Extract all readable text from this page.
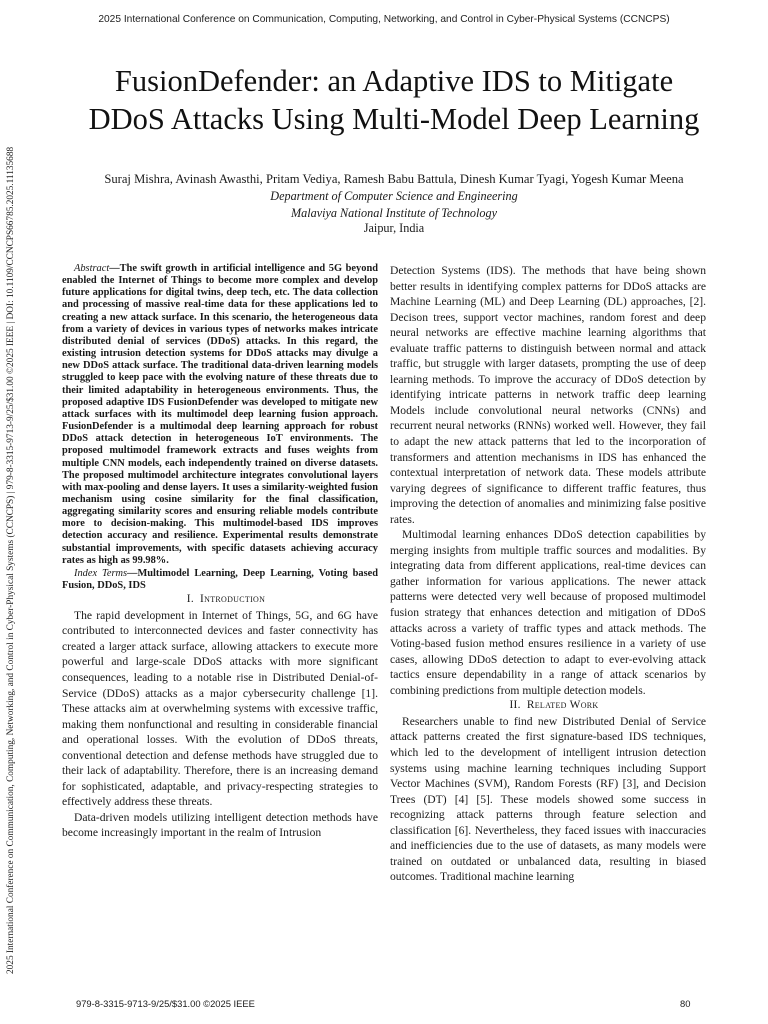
2025 International Conference on Communication, Computing, Networking, and Control in Cyber-Physical Systems (CCNCPS)
2025 International Conference on Communication, Computing, Networking, and Control in Cyber-Physical Systems (CCNCPS) | 979-8-3315-9713-9/25/$31.00 ©2025 IEEE | DOI: 10.1109/CCNCPS66785.2025.11135688
FusionDefender: an Adaptive IDS to Mitigate
DDoS Attacks Using Multi-Model Deep Learning
Suraj Mishra, Avinash Awasthi, Pritam Vediya, Ramesh Babu Battula, Dinesh Kumar Tyagi, Yogesh Kumar Meena
Department of Computer Science and Engineering
Malaviya National Institute of Technology
Jaipur, India

Abstract—The swift growth in artificial intelligence and 5G beyond enabled the Internet of Things to become more complex and develop future applications for digital twins, deep tech, etc. The data collection and processing of massive real-time data for these applications led to creating a new attack surface. In this scenario, the heterogeneous data from a variety of devices in various types of networks makes intricate distributed denial of services (DDoS) attacks. In this regard, the existing intrusion detection systems for DDoS attacks may divulge a new DDoS attack surface. The traditional data-driven learning models struggled to keep pace with the evolving nature of these threats due to their limited adaptability in heterogeneous environments. Thus, the proposed adaptive IDS FusionDefender was developed to mitigate new attack surfaces with its multimodel deep learning fusion approach. FusionDefender is a multimodal deep learning approach for robust DDoS attack detection in heterogeneous IoT environments. The proposed multimodel framework extracts and fuses weights from multiple CNN models, each independently trained on diverse datasets. The proposed multimodel architecture integrates convolutional layers with max-pooling and dense layers. It uses a similarity-weighted fusion mechanism using cosine similarity for the final classification, aggregating similarity scores and ensuring reliable models contribute more to decision-making. This multimodel-based IDS improves detection accuracy and resilience. Experimental results demonstrate substantial improvements, with specific datasets achieving accuracy rates as high as 99.98%.

Index Terms—Multimodel Learning, Deep Learning, Voting based Fusion, DDoS, IDS

I. Introduction

The rapid development in Internet of Things, 5G, and 6G have contributed to interconnected devices and faster connectivity has created a larger attack surface, allowing attackers to execute more powerful and large-scale DDoS attacks with more significant consequences, leading to a notable rise in Distributed Denial-of-Service (DDoS) attacks as a major cybersecurity challenge [1]. These attacks aim at overwhelming systems with excessive traffic, making them nonfunctional and resulting in considerable financial and operational losses. With the evolution of DDoS threats, conventional detection and defense methods have struggled due to their lack of adaptability. Therefore, there is an increasing demand for sophisticated, adaptable, and privacy-respecting strategies to effectively address these threats.

Data-driven models utilizing intelligent detection methods have become increasingly important in the realm of Intrusion

Detection Systems (IDS). The methods that have being shown better results in identifying complex patterns for DDoS attacks are Machine Learning (ML) and Deep Learning (DL) approaches, [2]. Decison trees, support vector machines, random forest and deep neural networks are effective machine learning algorithms that evaluate traffic patterns to distinguish between normal and attack traffic, but struggle with larger datasets, prompting the use of deep learning methods. To improve the accuracy of DDoS detection by identifying intricate patterns in network traffic deep learning Models include convolutional neural networks (CNNs) and recurrent neural networks (RNNs) worked well. However, they fail to adapt the new attack patterns that led to the incorporation of transformers and attention mechanisms in IDS has enhanced the contextual interpretation of network data. These models attribute varying degrees of significance to different traffic features, thus improving the detection of anomalies and minimizing false positive rates.

Multimodal learning enhances DDoS detection capabilities by merging insights from multiple traffic sources and modalities. By integrating data from different applications, real-time devices can gather information for various applications. The newer attack patterns were detected very well because of proposed multimodel fusion strategy that enhances detection and mitigation of DDoS attacks across a variety of traffic types and attack methods. The Voting-based fusion method ensures resilience in a variety of use cases, allowing DDoS detection to adapt to ever-evolving attack tactics ensure dependability in a range of attack scenarios by combining predictions from multiple detection models.

II. Related Work

Researchers unable to find new Distributed Denial of Service attack patterns created the first signature-based IDS techniques, which led to the development of intelligent intrusion detection systems using machine learning techniques including Support Vector Machines (SVM), Random Forests (RF) [3], and Decision Trees (DT) [4] [5]. These models showed some success in recognizing attack patterns through feature selection and classification [6]. Nevertheless, they faced issues with inaccuracies and inefficiencies due to the use of datasets, as many models were trained on outdated or unbalanced data, resulting in biased outcomes. Traditional machine learning

979-8-3315-9713-9/25/$31.00 ©2025 IEEE	80
